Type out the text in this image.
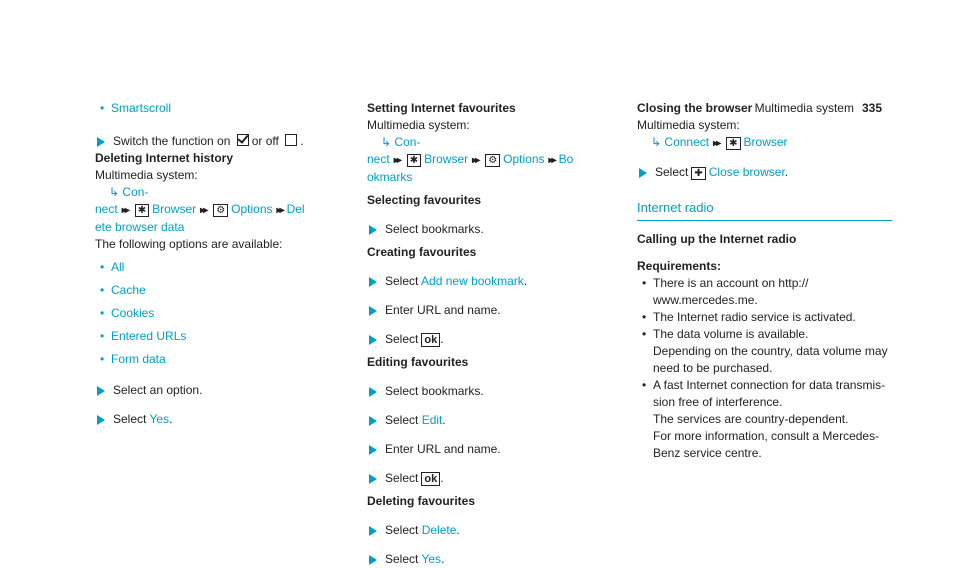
Multimedia system 335
• Smartscroll
Switch the function on or off .
Deleting Internet history
Multimedia system:
↳ Con-
nect ▸▸ ✱ Browser ▸▸ ⚙ Options ▸▸ Del
ete browser data
The following options are available:
• All
• Cache
• Cookies
• Entered URLs
• Form data
Select an option.
Select Yes.
Setting Internet favourites
Multimedia system:
↳ Con-
nect ▸▸ ✱ Browser ▸▸ ⚙ Options ▸▸ Bo
okmarks
Selecting favourites
Select bookmarks.
Creating favourites
Select Add new bookmark.
Enter URL and name.
Select ok .
Editing favourites
Select bookmarks.
Select Edit.
Enter URL and name.
Select ok .
Deleting favourites
Select Delete.
Select Yes.
Closing the browser
Multimedia system:
↳ Connect ▸▸ ✱ Browser
Select ✚ Close browser.
Internet radio
Calling up the Internet radio
Requirements:
• There is an account on http://
www.mercedes.me.
• The Internet radio service is activated.
• The data volume is available.
Depending on the country, data volume may
need to be purchased.
• A fast Internet connection for data transmis-
sion free of interference.
The services are country-dependent.
For more information, consult a Mercedes-
Benz service centre.
